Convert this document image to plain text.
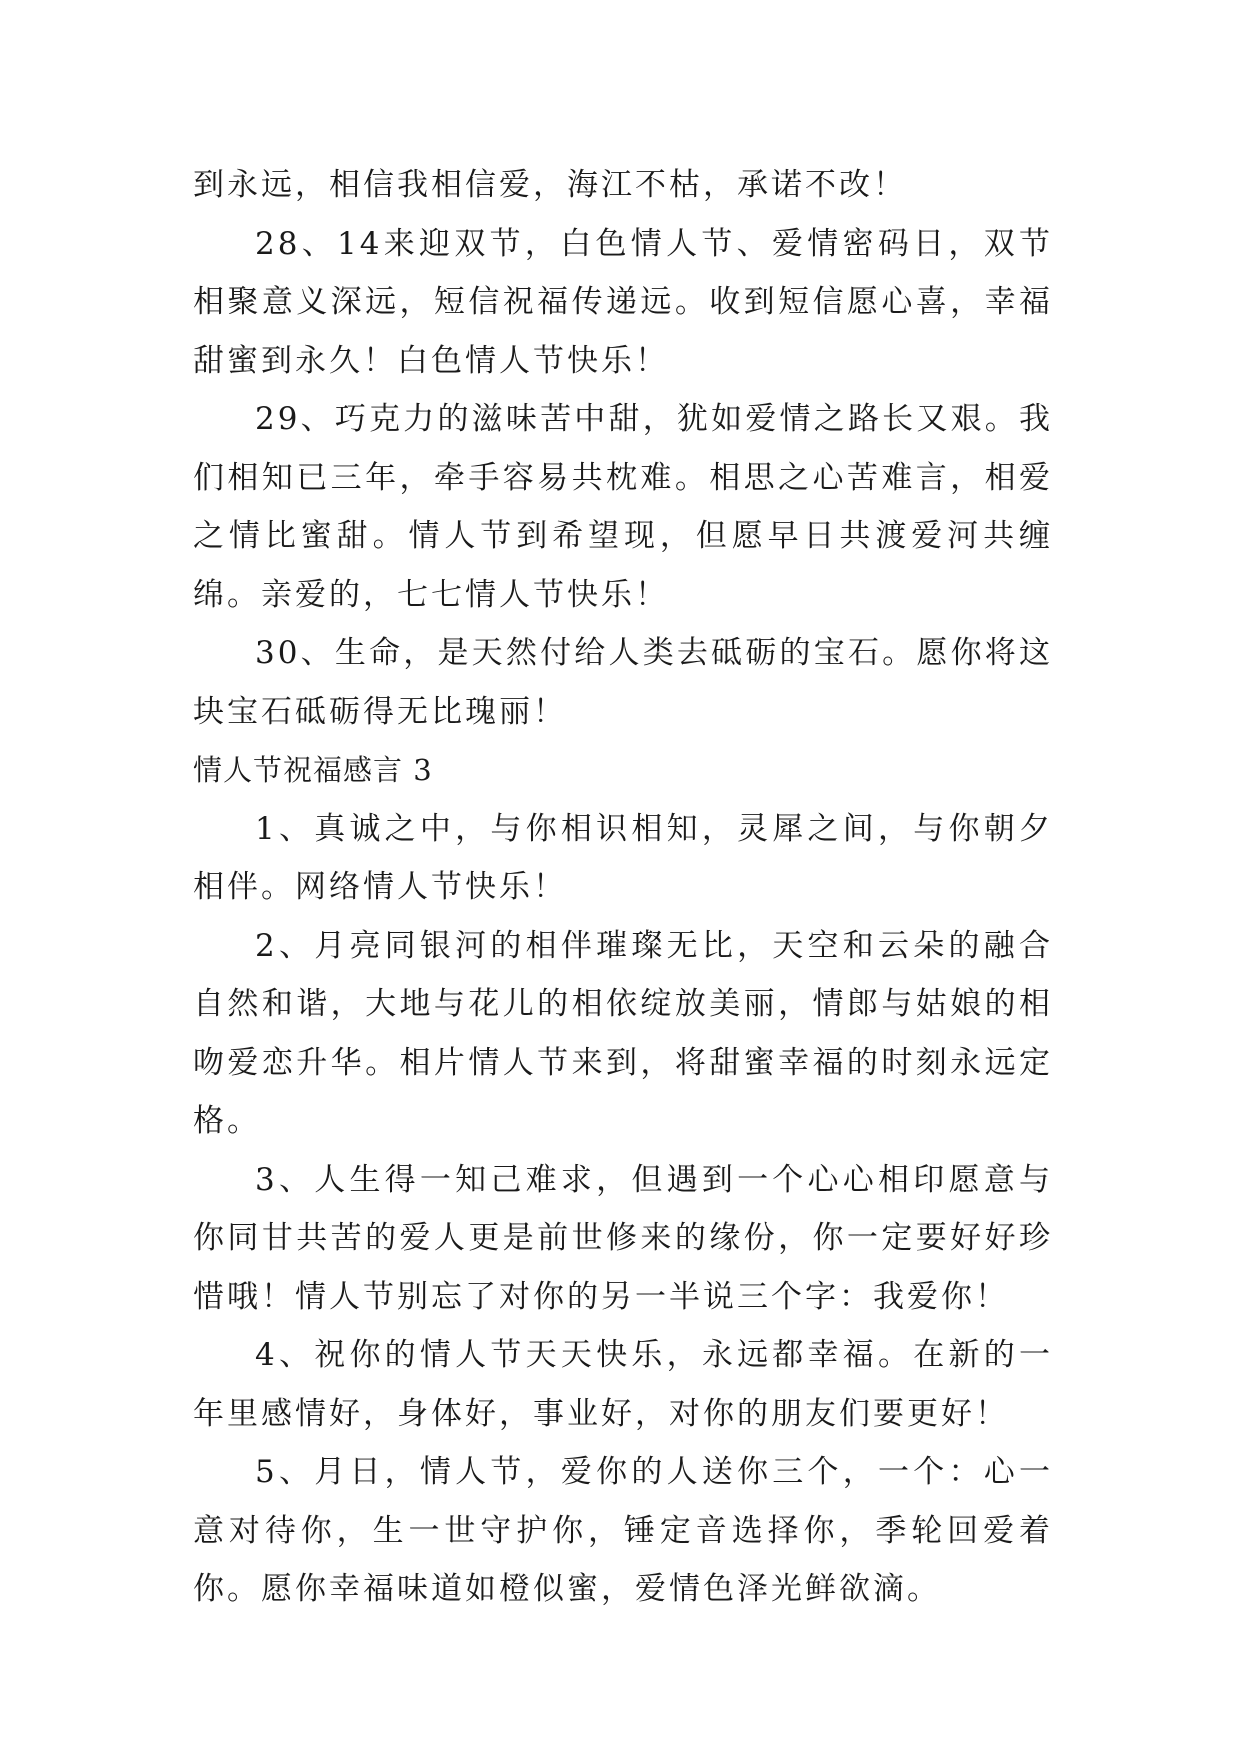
到永远，相信我相信爱，海江不枯，承诺不改！

28、14来迎双节，白色情人节、爱情密码日，双节相聚意义深远，短信祝福传递远。收到短信愿心喜，幸福甜蜜到永久！白色情人节快乐！

29、巧克力的滋味苦中甜，犹如爱情之路长又艰。我们相知已三年，牵手容易共枕难。相思之心苦难言，相爱之情比蜜甜。情人节到希望现，但愿早日共渡爱河共缠绵。亲爱的，七七情人节快乐！

30、生命，是天然付给人类去砥砺的宝石。愿你将这块宝石砥砺得无比瑰丽！

情人节祝福感言 3

1、真诚之中，与你相识相知，灵犀之间，与你朝夕相伴。网络情人节快乐！

2、月亮同银河的相伴璀璨无比，天空和云朵的融合自然和谐，大地与花儿的相依绽放美丽，情郎与姑娘的相吻爱恋升华。相片情人节来到，将甜蜜幸福的时刻永远定格。

3、人生得一知己难求，但遇到一个心心相印愿意与你同甘共苦的爱人更是前世修来的缘份，你一定要好好珍惜哦！情人节别忘了对你的另一半说三个字：我爱你！

4、祝你的情人节天天快乐，永远都幸福。在新的一年里感情好，身体好，事业好，对你的朋友们要更好！

5、月日，情人节，爱你的人送你三个，一个：心一意对待你，生一世守护你，锤定音选择你，季轮回爱着你。愿你幸福味道如橙似蜜，爱情色泽光鲜欲滴。
